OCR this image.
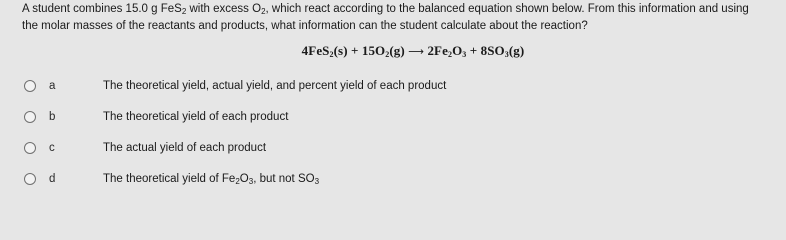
A student combines 15.0 g FeS$_2$ with excess $O_2$, which react according to the balanced equation shown below. From this information and using
the molar masses of the reactants and products, what information can the student calculate about the reaction?
$4FeS_2(s) + 15O_2(g)$ ⟶ $2Fe_2O_3 + 8SO_3(g)$
a	The theoretical yield, actual yield, and percent yield of each product
b	The theoretical yield of each product
c	The actual yield of each product
d	The theoretical yield of $Fe_2O_3$, but not $SO_3$
